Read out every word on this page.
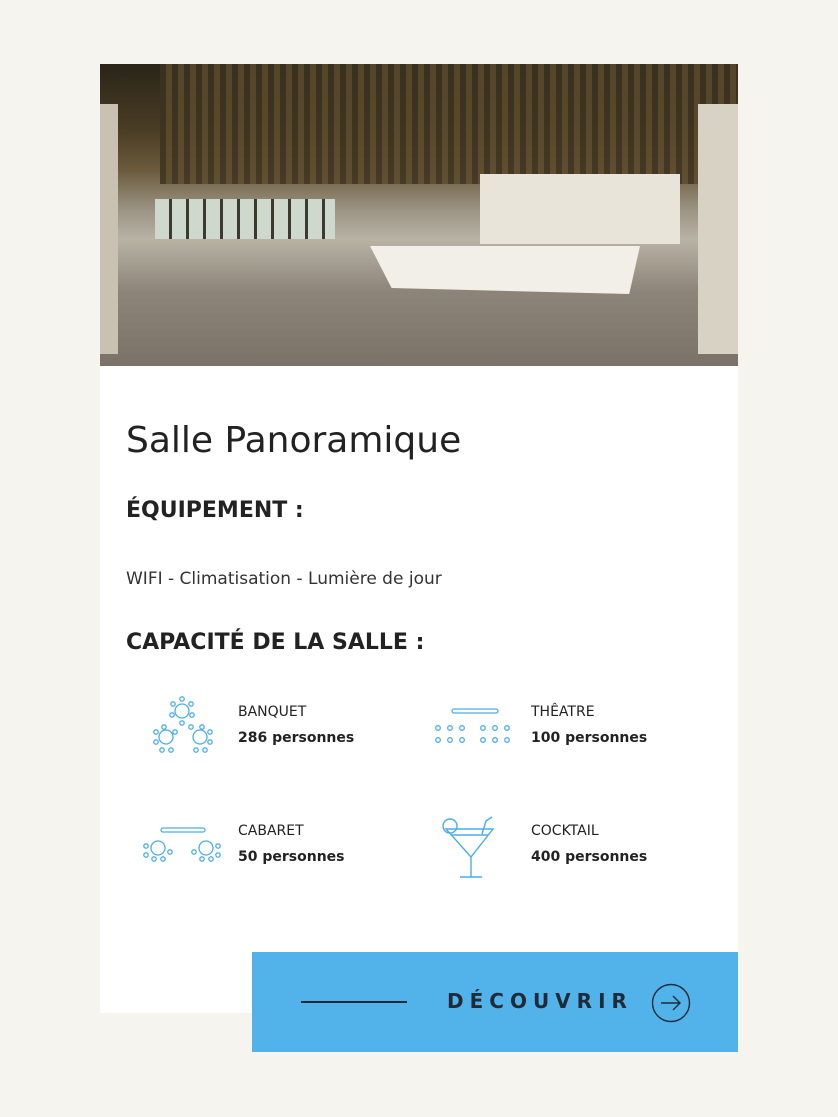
Salle Panoramique
ÉQUIPEMENT :
WIFI - Climatisation - Lumière de jour
CAPACITÉ DE LA SALLE :
BANQUET
286 personnes
THÊATRE
100 personnes
CABARET
50 personnes
COCKTAIL
400 personnes
DÉCOUVRIR
